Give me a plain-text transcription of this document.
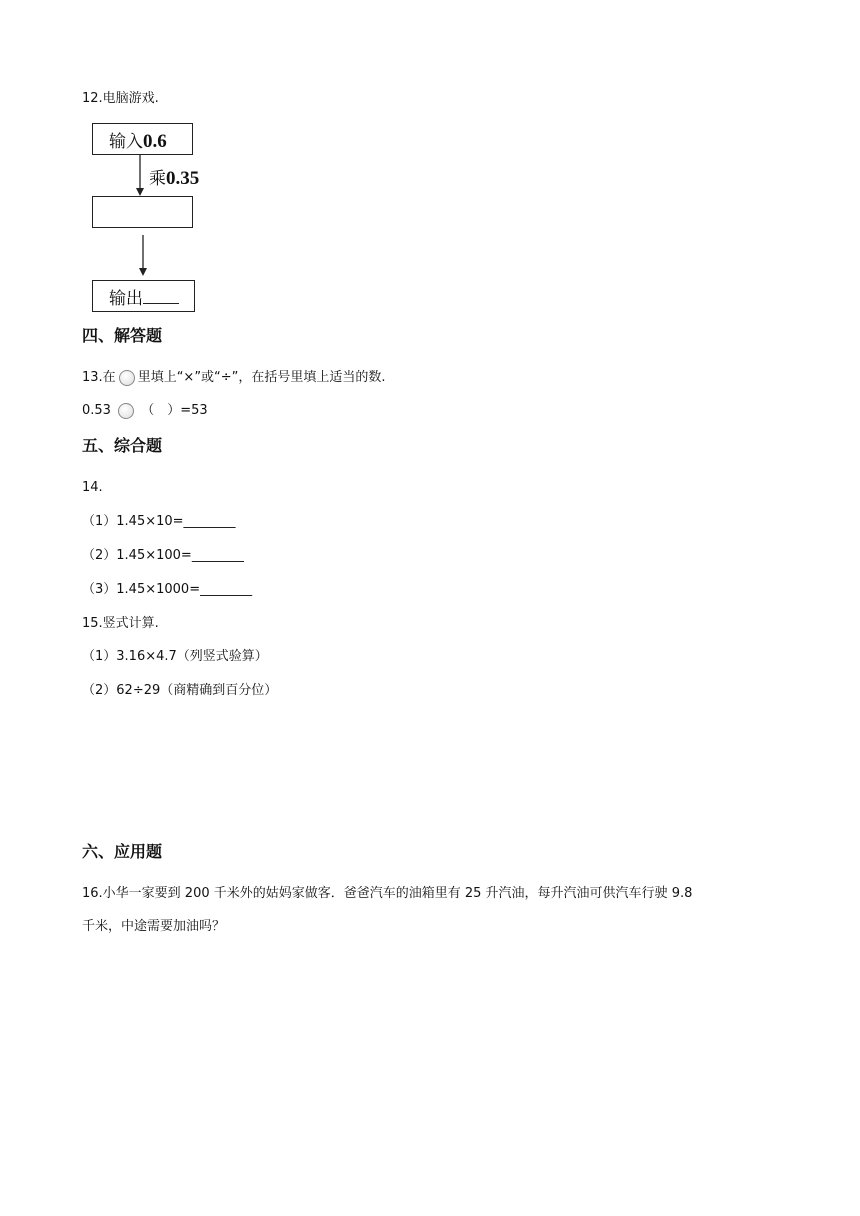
12.电脑游戏.
输入0.6
乘0.35
输出
四、解答题
13.在 里填上“×”或“÷”，在括号里填上适当的数.
0.53 （　）=53
五、综合题
14.
（1）1.45×10=________
（2）1.45×100=________
（3）1.45×1000=________
15.竖式计算.
（1）3.16×4.7（列竖式验算）
（2）62÷29（商精确到百分位）
六、应用题
16.小华一家要到 200 千米外的姑妈家做客．爸爸汽车的油箱里有 25 升汽油，每升汽油可供汽车行驶 9.8
千米，中途需要加油吗？
